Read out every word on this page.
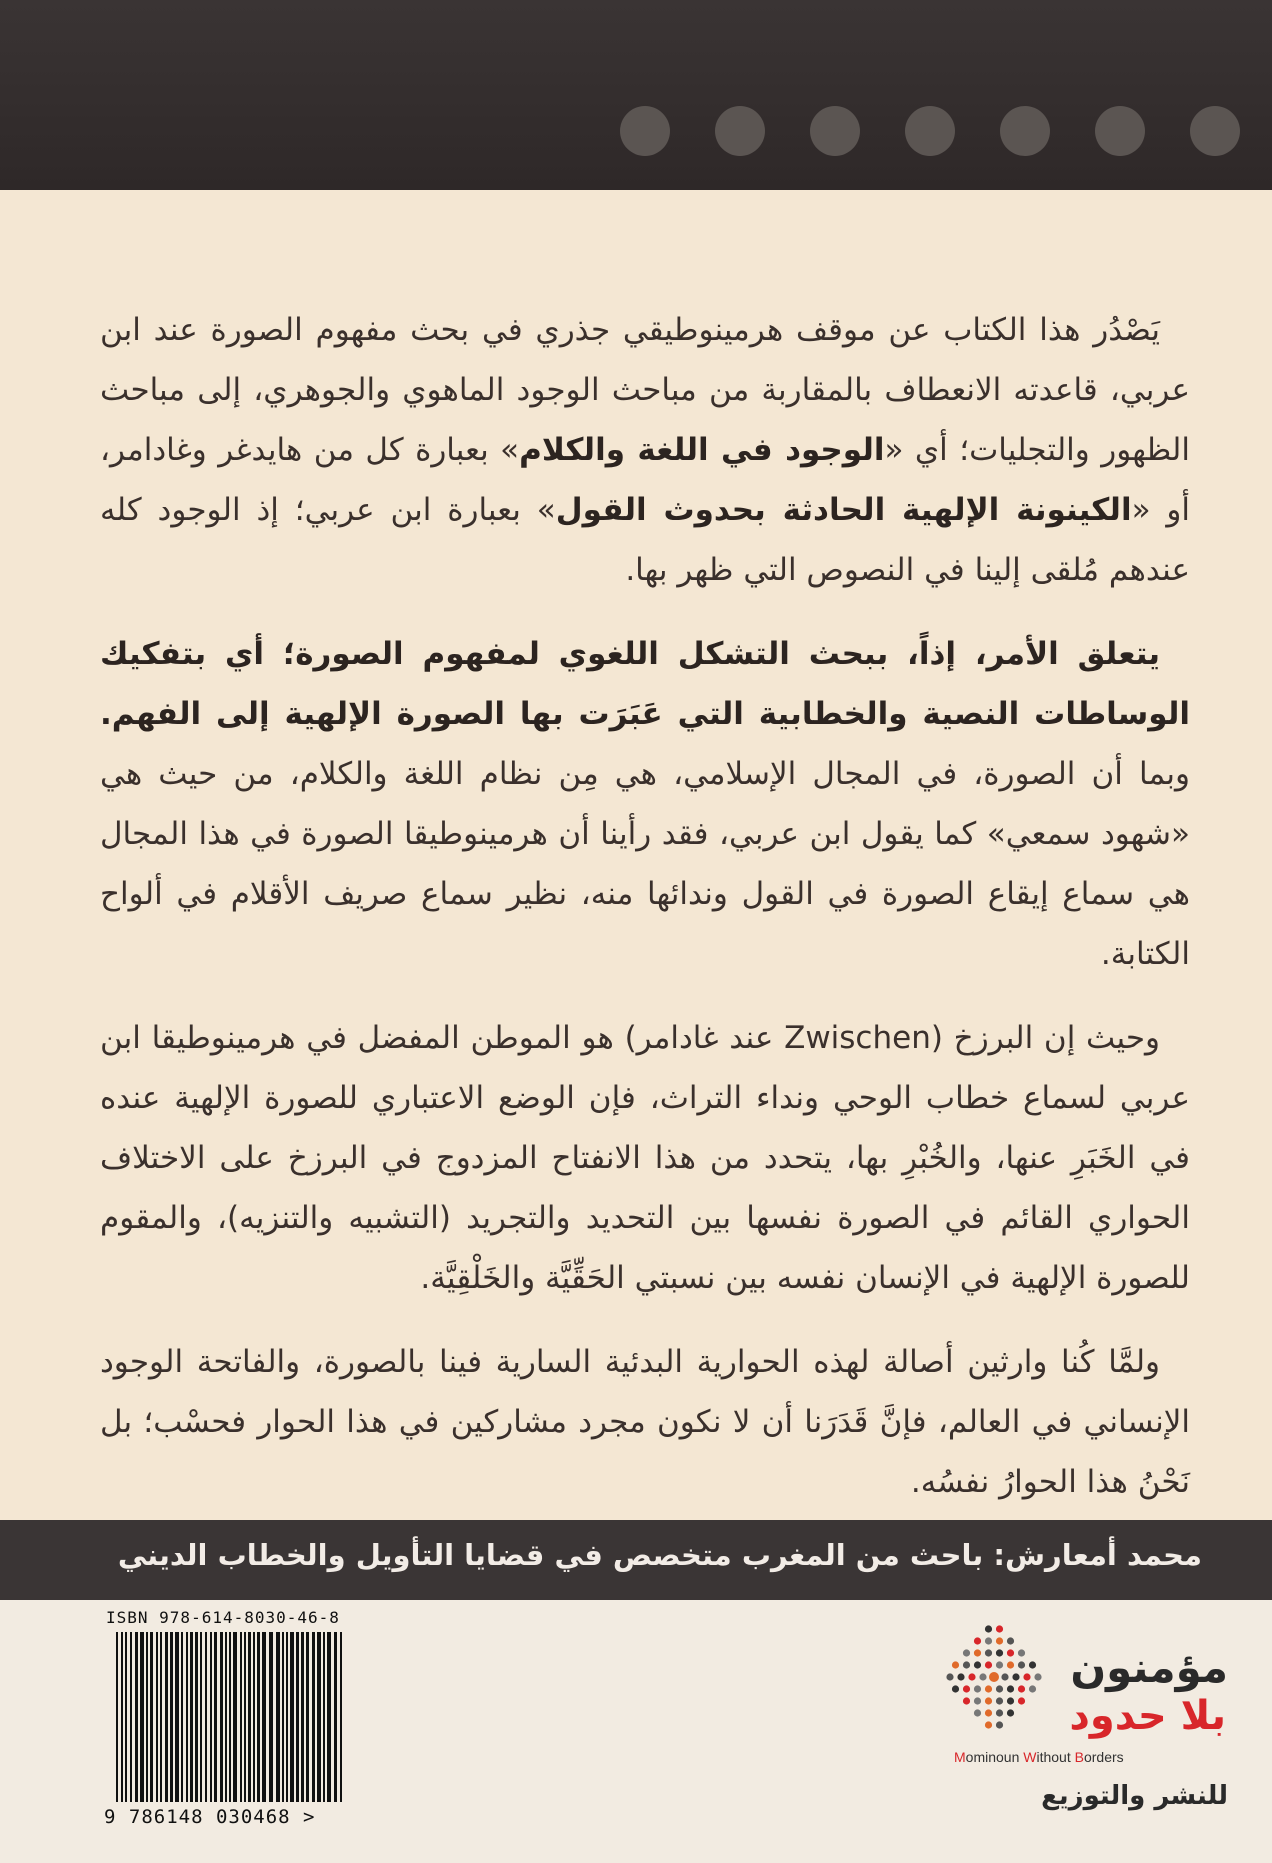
يَصْدُر هذا الكتاب عن موقف هرمينوطيقي جذري في بحث مفهوم الصورة عند ابن عربي، قاعدته الانعطاف بالمقاربة من مباحث الوجود الماهوي والجوهري، إلى مباحث الظهور والتجليات؛ أي «الوجود في اللغة والكلام» بعبارة كل من هايدغر وغادامر، أو «الكينونة الإلهية الحادثة بحدوث القول» بعبارة ابن عربي؛ إذ الوجود كله عندهم مُلقى إلينا في النصوص التي ظهر بها.

يتعلق الأمر، إذاً، ببحث التشكل اللغوي لمفهوم الصورة؛ أي بتفكيك الوساطات النصية والخطابية التي عَبَرَت بها الصورة الإلهية إلى الفهم. وبما أن الصورة، في المجال الإسلامي، هي مِن نظام اللغة والكلام، من حيث هي «شهود سمعي» كما يقول ابن عربي، فقد رأينا أن هرمينوطيقا الصورة في هذا المجال هي سماع إيقاع الصورة في القول وندائها منه، نظير سماع صريف الأقلام في ألواح الكتابة.

وحيث إن البرزخ (Zwischen عند غادامر) هو الموطن المفضل في هرمينوطيقا ابن عربي لسماع خطاب الوحي ونداء التراث، فإن الوضع الاعتباري للصورة الإلهية عنده في الخَبَرِ عنها، والخُبْرِ بها، يتحدد من هذا الانفتاح المزدوج في البرزخ على الاختلاف الحواري القائم في الصورة نفسها بين التحديد والتجريد (التشبيه والتنزيه)، والمقوم للصورة الإلهية في الإنسان نفسه بين نسبتي الحَقِّيَّة والخَلْقِيَّة.

ولمَّا كُنا وارثين أصالة لهذه الحوارية البدئية السارية فينا بالصورة، والفاتحة الوجود الإنساني في العالم، فإنَّ قَدَرَنا أن لا نكون مجرد مشاركين في هذا الحوار فحسْب؛ بل نَحْنُ هذا الحوارُ نفسُه.

محمد أمعارش: باحث من المغرب متخصص في قضايا التأويل والخطاب الديني
ISBN 978-614-8030-46-8
9 786148 030468 >
مؤمنون
بلا حدود
Mominoun Without Borders
للنشر والتوزيع
